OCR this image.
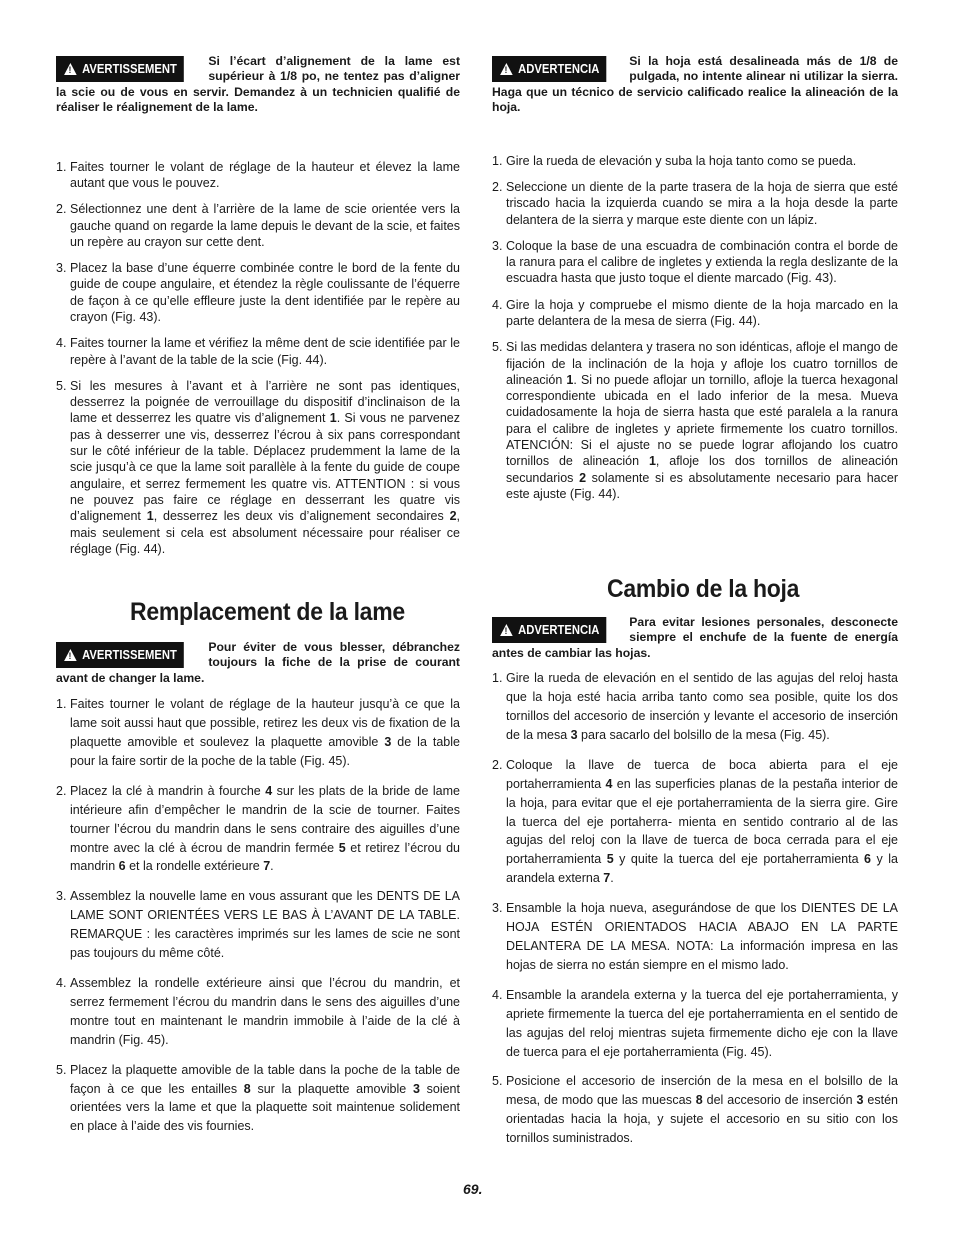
! AVERTISSEMENT
Si l’écart d’alignement de la lame est supérieur à 1/8 po, ne tentez pas d’aligner la scie ou de vous en servir. Demandez à un technicien qualifié de réaliser le réalignement de la lame.
1. Faites tourner le volant de réglage de la hauteur et élevez la lame autant que vous le pouvez.
2. Sélectionnez une dent à l’arrière de la lame de scie orientée vers la gauche quand on regarde la lame depuis le devant de la scie, et faites un repère au crayon sur cette dent.
3. Placez la base d’une équerre combinée contre le bord de la fente du guide de coupe angulaire, et étendez la règle coulissante de l’équerre de façon à ce qu’elle effleure juste la dent identifiée par le repère au crayon (Fig. 43).
4. Faites tourner la lame et vérifiez la même dent de scie identifiée par le repère à l’avant de la table de la scie (Fig. 44).
5. Si les mesures à l’avant et à l’arrière ne sont pas identiques, desserrez la poignée de verrouillage du dispositif d’inclinaison de la lame et desserrez les quatre vis d’alignement 1. Si vous ne parvenez pas à desserrer une vis, desserrez l’écrou à six pans correspondant sur le côté inférieur de la table. Déplacez prudemment la lame de la scie jusqu’à ce que la lame soit parallèle à la fente du guide de coupe angulaire, et serrez fermement les quatre vis. ATTENTION : si vous ne pouvez pas faire ce réglage en desserrant les quatre vis d’alignement 1, desserrez les deux vis d’alignement secondaires 2, mais seulement si cela est absolument nécessaire pour réaliser ce réglage (Fig. 44).
Remplacement de la lame
! AVERTISSEMENT
Pour éviter de vous blesser, débranchez toujours la fiche de la prise de courant avant de changer la lame.
1. Faites tourner le volant de réglage de la hauteur jusqu’à ce que la lame soit aussi haut que possible, retirez les deux vis de fixation de la plaquette amovible et soulevez la plaquette amovible 3 de la table pour la faire sortir de la poche de la table (Fig. 45).
2. Placez la clé à mandrin à fourche 4 sur les plats de la bride de lame intérieure afin d’empêcher le mandrin de la scie de tourner. Faites tourner l’écrou du mandrin dans le sens contraire des aiguilles d’une montre avec la clé à écrou de mandrin fermée 5 et retirez l’écrou du mandrin 6 et la rondelle extérieure 7.
3. Assemblez la nouvelle lame en vous assurant que les DENTS DE LA LAME SONT ORIENTÉES VERS LE BAS À L’AVANT DE LA TABLE. REMARQUE : les caractères imprimés sur les lames de scie ne sont pas toujours du même côté.
4. Assemblez la rondelle extérieure ainsi que l’écrou du mandrin, et serrez fermement l’écrou du mandrin dans le sens des aiguilles d’une montre tout en maintenant le mandrin immobile à l’aide de la clé à mandrin (Fig. 45).
5. Placez la plaquette amovible de la table dans la poche de la table de façon à ce que les entailles 8 sur la plaquette amovible 3 soient orientées vers la lame et que la plaquette soit maintenue solidement en place à l’aide des vis fournies.
! ADVERTENCIA
Si la hoja está desalineada más de 1/8 de pulgada, no intente alinear ni utilizar la sierra. Haga que un técnico de servicio calificado realice la alineación de la hoja.
1. Gire la rueda de elevación y suba la hoja tanto como se pueda.
2. Seleccione un diente de la parte trasera de la hoja de sierra que esté triscado hacia la izquierda cuando se mira a la hoja desde la parte delantera de la sierra y marque este diente con un lápiz.
3. Coloque la base de una escuadra de combinación contra el borde de la ranura para el calibre de ingletes y extienda la regla deslizante de la escuadra hasta que justo toque el diente marcado (Fig. 43).
4. Gire la hoja y compruebe el mismo diente de la hoja marcado en la parte delantera de la mesa de sierra (Fig. 44).
5. Si las medidas delantera y trasera no son idénticas, afloje el mango de fijación de la inclinación de la hoja y afloje los cuatro tornillos de alineación 1. Si no puede aflojar un tornillo, afloje la tuerca hexagonal correspondiente ubicada en el lado inferior de la mesa. Mueva cuidadosamente la hoja de sierra hasta que esté paralela a la ranura para el calibre de ingletes y apriete firmemente los cuatro tornillos. ATENCIÓN: Si el ajuste no se puede lograr aflojando los cuatro tornillos de alineación 1, afloje los dos tornillos de alineación secundarios 2 solamente si es absolutamente necesario para hacer este ajuste (Fig. 44).
Cambio de la hoja
! ADVERTENCIA
Para evitar lesiones personales, desconecte siempre el enchufe de la fuente de energía antes de cambiar las hojas.
1. Gire la rueda de elevación en el sentido de las agujas del reloj hasta que la hoja esté hacia arriba tanto como sea posible, quite los dos tornillos del accesorio de inserción y levante el accesorio de inserción de la mesa 3 para sacarlo del bolsillo de la mesa (Fig. 45).
2. Coloque la llave de tuerca de boca abierta para el eje portaherramienta 4 en las superficies planas de la pestaña interior de la hoja, para evitar que el eje portaherramienta de la sierra gire. Gire la tuerca del eje portaherra- mienta en sentido contrario al de las agujas del reloj con la llave de tuerca de boca cerrada para el eje portaherramienta 5 y quite la tuerca del eje portaherramienta 6 y la arandela externa 7.
3. Ensamble la hoja nueva, asegurándose de que los DIENTES DE LA HOJA ESTÉN ORIENTADOS HACIA ABAJO EN LA PARTE DELANTERA DE LA MESA. NOTA: La información impresa en las hojas de sierra no están siempre en el mismo lado.
4. Ensamble la arandela externa y la tuerca del eje portaherramienta, y apriete firmemente la tuerca del eje portaherramienta en el sentido de las agujas del reloj mientras sujeta firmemente dicho eje con la llave de tuerca para el eje portaherramienta (Fig. 45).
5. Posicione el accesorio de inserción de la mesa en el bolsillo de la mesa, de modo que las muescas 8 del accesorio de inserción 3 estén orientadas hacia la hoja, y sujete el accesorio en su sitio con los tornillos suministrados.
69.
